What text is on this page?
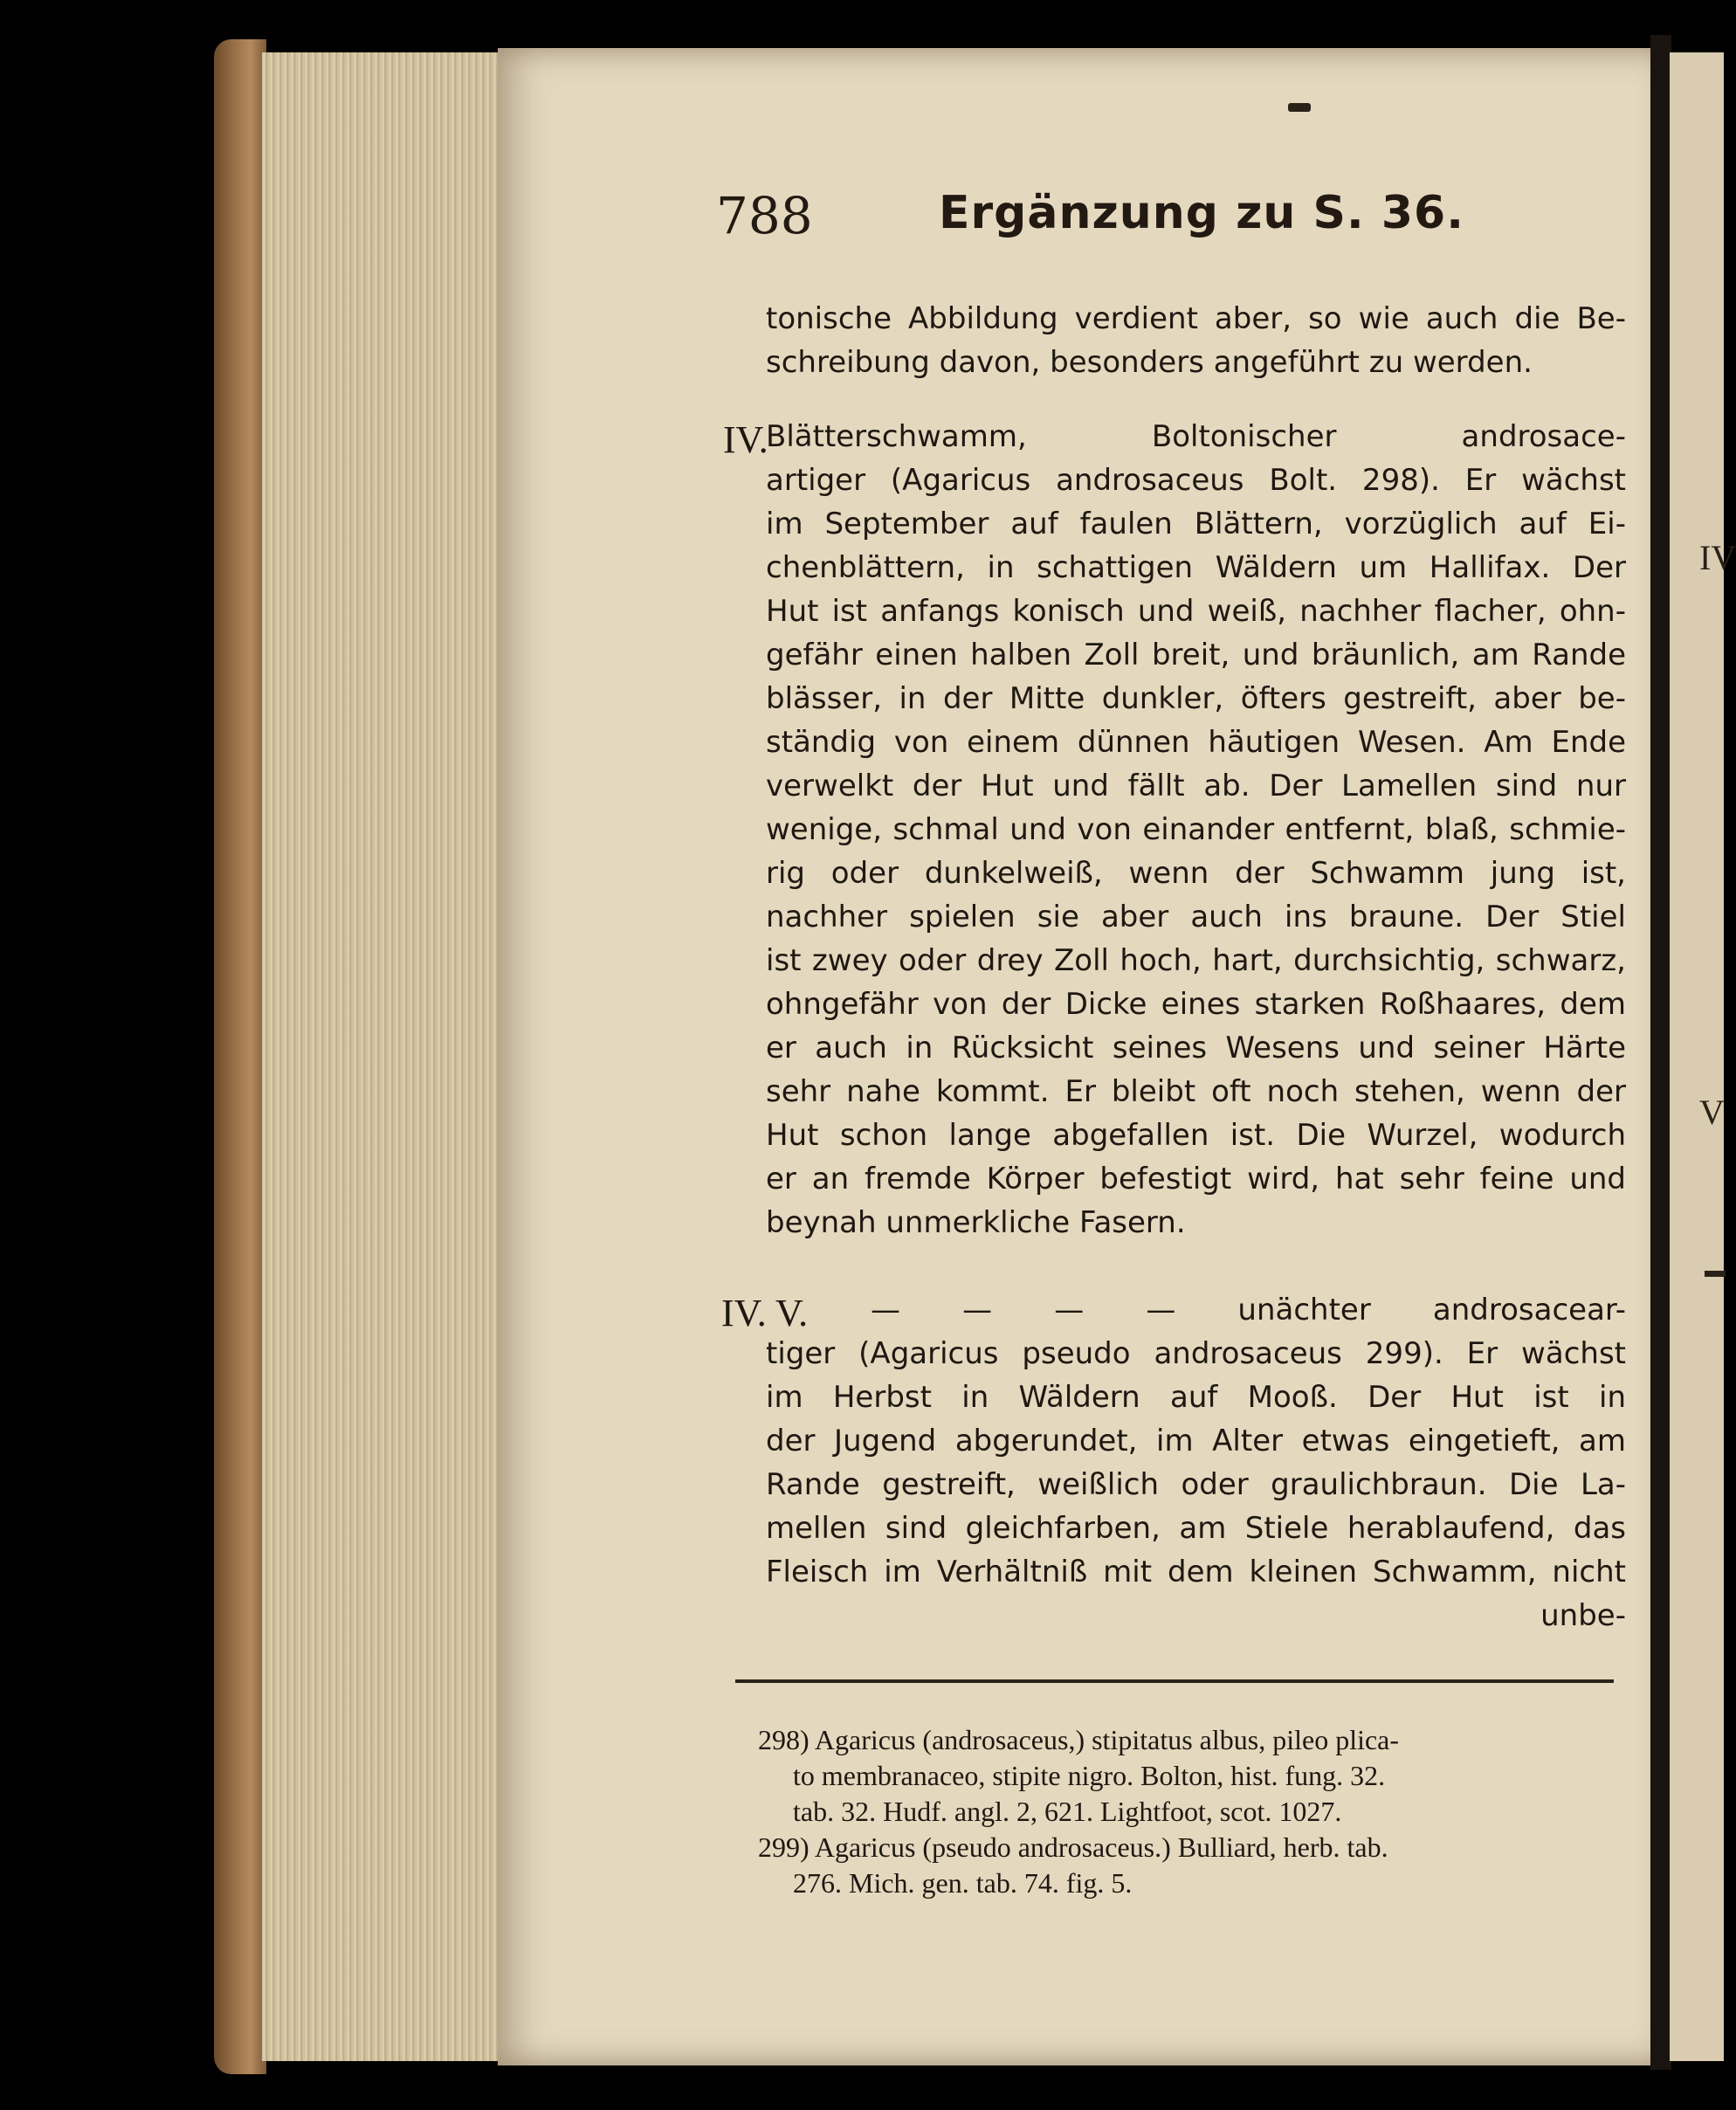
IV
V
788	Ergänzung zu S. 36.
tonische Abbildung verdient aber, so wie auch die Be-
schreibung davon, besonders angeführt zu werden.
IV.
Blätterschwamm, Boltonischer androsace-
artiger (Agaricus androsaceus Bolt. 298). Er wächst
im September auf faulen Blättern, vorzüglich auf Ei-
chenblättern, in schattigen Wäldern um Hallifax. Der
Hut ist anfangs konisch und weiß, nachher flacher, ohn-
gefähr einen halben Zoll breit, und bräunlich, am Rande
blässer, in der Mitte dunkler, öfters gestreift, aber be-
ständig von einem dünnen häutigen Wesen. Am Ende
verwelkt der Hut und fällt ab. Der Lamellen sind nur
wenige, schmal und von einander entfernt, blaß, schmie-
rig oder dunkelweiß, wenn der Schwamm jung ist,
nachher spielen sie aber auch ins braune. Der Stiel
ist zwey oder drey Zoll hoch, hart, durchsichtig, schwarz,
ohngefähr von der Dicke eines starken Roßhaares, dem
er auch in Rücksicht seines Wesens und seiner Härte
sehr nahe kommt. Er bleibt oft noch stehen, wenn der
Hut schon lange abgefallen ist. Die Wurzel, wodurch
er an fremde Körper befestigt wird, hat sehr feine und
beynah unmerkliche Fasern.
IV. V.	— — — — unächter androsacear-
tiger (Agaricus pseudo androsaceus 299). Er wächst
im Herbst in Wäldern auf Mooß. Der Hut ist in
der Jugend abgerundet, im Alter etwas eingetieft, am
Rande gestreift, weißlich oder graulichbraun. Die La-
mellen sind gleichfarben, am Stiele herablaufend, das
Fleisch im Verhältniß mit dem kleinen Schwamm, nicht
unbe-
298) Agaricus (androsaceus,) stipitatus albus, pileo plica-
to membranaceo, stipite nigro. Bolton, hist. fung. 32.
tab. 32. Hudf. angl. 2, 621. Lightfoot, scot. 1027.
299) Agaricus (pseudo androsaceus.) Bulliard, herb. tab.
276. Mich. gen. tab. 74. fig. 5.
